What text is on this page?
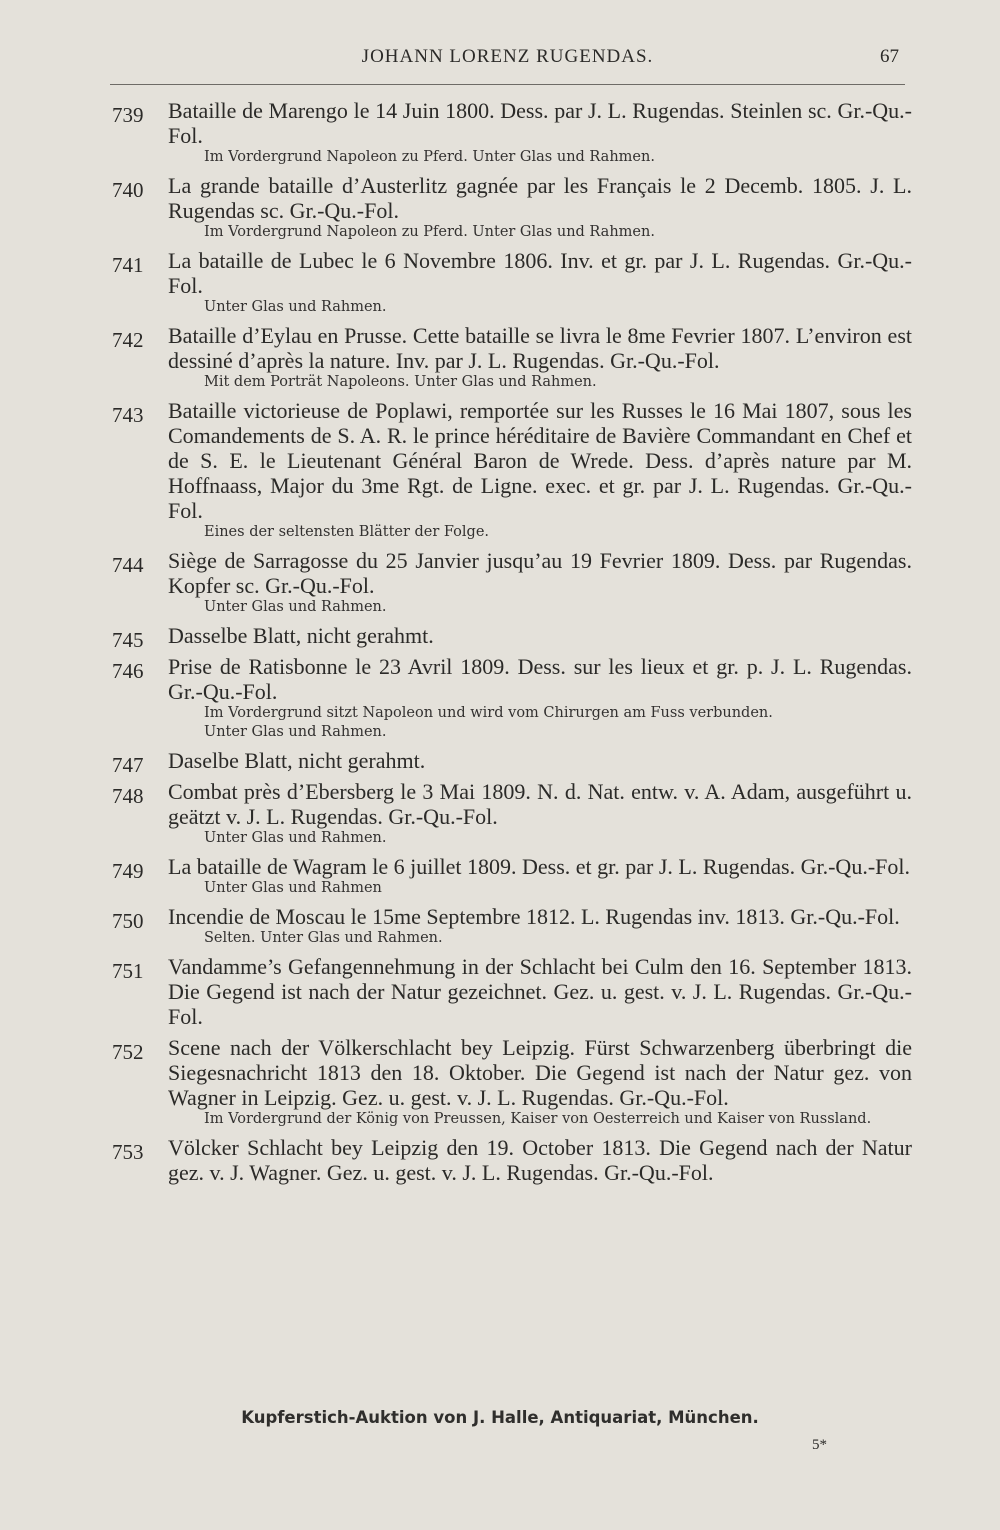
JOHANN LORENZ RUGENDAS.	67
739 Bataille de Marengo le 14 Juin 1800. Dess. par J. L. Rugendas. Steinlen sc. Gr.-Qu.-Fol.
Im Vordergrund Napoleon zu Pferd. Unter Glas und Rahmen.
740 La grande bataille d’Austerlitz gagnée par les Français le 2 Decemb. 1805. J. L. Rugendas sc. Gr.-Qu.-Fol.
Im Vordergrund Napoleon zu Pferd. Unter Glas und Rahmen.
741 La bataille de Lubec le 6 Novembre 1806. Inv. et gr. par J. L. Rugendas. Gr.-Qu.-Fol.
Unter Glas und Rahmen.
742 Bataille d’Eylau en Prusse. Cette bataille se livra le 8me Fevrier 1807. L’environ est dessiné d’après la nature. Inv. par J. L. Rugendas. Gr.-Qu.-Fol.
Mit dem Porträt Napoleons. Unter Glas und Rahmen.
743 Bataille victorieuse de Poplawi, remportée sur les Russes le 16 Mai 1807, sous les Comandements de S. A. R. le prince héréditaire de Bavière Commandant en Chef et de S. E. le Lieutenant Général Baron de Wrede. Dess. d’après nature par M. Hoffnaass, Major du 3me Rgt. de Ligne. exec. et gr. par J. L. Rugendas. Gr.-Qu.-Fol.
Eines der seltensten Blätter der Folge.
744 Siège de Sarragosse du 25 Janvier jusqu’au 19 Fevrier 1809. Dess. par Rugendas. Kopfer sc. Gr.-Qu.-Fol.
Unter Glas und Rahmen.
745 Dasselbe Blatt, nicht gerahmt.
746 Prise de Ratisbonne le 23 Avril 1809. Dess. sur les lieux et gr. p. J. L. Rugendas. Gr.-Qu.-Fol.
Im Vordergrund sitzt Napoleon und wird vom Chirurgen am Fuss verbunden.
Unter Glas und Rahmen.
747 Daselbe Blatt, nicht gerahmt.
748 Combat près d’Ebersberg le 3 Mai 1809. N. d. Nat. entw. v. A. Adam, ausgeführt u. geätzt v. J. L. Rugendas. Gr.-Qu.-Fol.
Unter Glas und Rahmen.
749 La bataille de Wagram le 6 juillet 1809. Dess. et gr. par J. L. Rugendas. Gr.-Qu.-Fol.
Unter Glas und Rahmen
750 Incendie de Moscau le 15me Septembre 1812. L. Rugendas inv. 1813. Gr.-Qu.-Fol.
Selten. Unter Glas und Rahmen.
751 Vandamme’s Gefangennehmung in der Schlacht bei Culm den 16. September 1813. Die Gegend ist nach der Natur gezeichnet. Gez. u. gest. v. J. L. Rugendas. Gr.-Qu.-Fol.
752 Scene nach der Völkerschlacht bey Leipzig. Fürst Schwarzenberg überbringt die Siegesnachricht 1813 den 18. Oktober. Die Gegend ist nach der Natur gez. von Wagner in Leipzig. Gez. u. gest. v. J. L. Rugendas. Gr.-Qu.-Fol.
Im Vordergrund der König von Preussen, Kaiser von Oesterreich und Kaiser von Russland.
753 Völcker Schlacht bey Leipzig den 19. October 1813. Die Gegend nach der Natur gez. v. J. Wagner. Gez. u. gest. v. J. L. Rugendas. Gr.-Qu.-Fol.
Kupferstich-Auktion von J. Halle, Antiquariat, München.
5*
